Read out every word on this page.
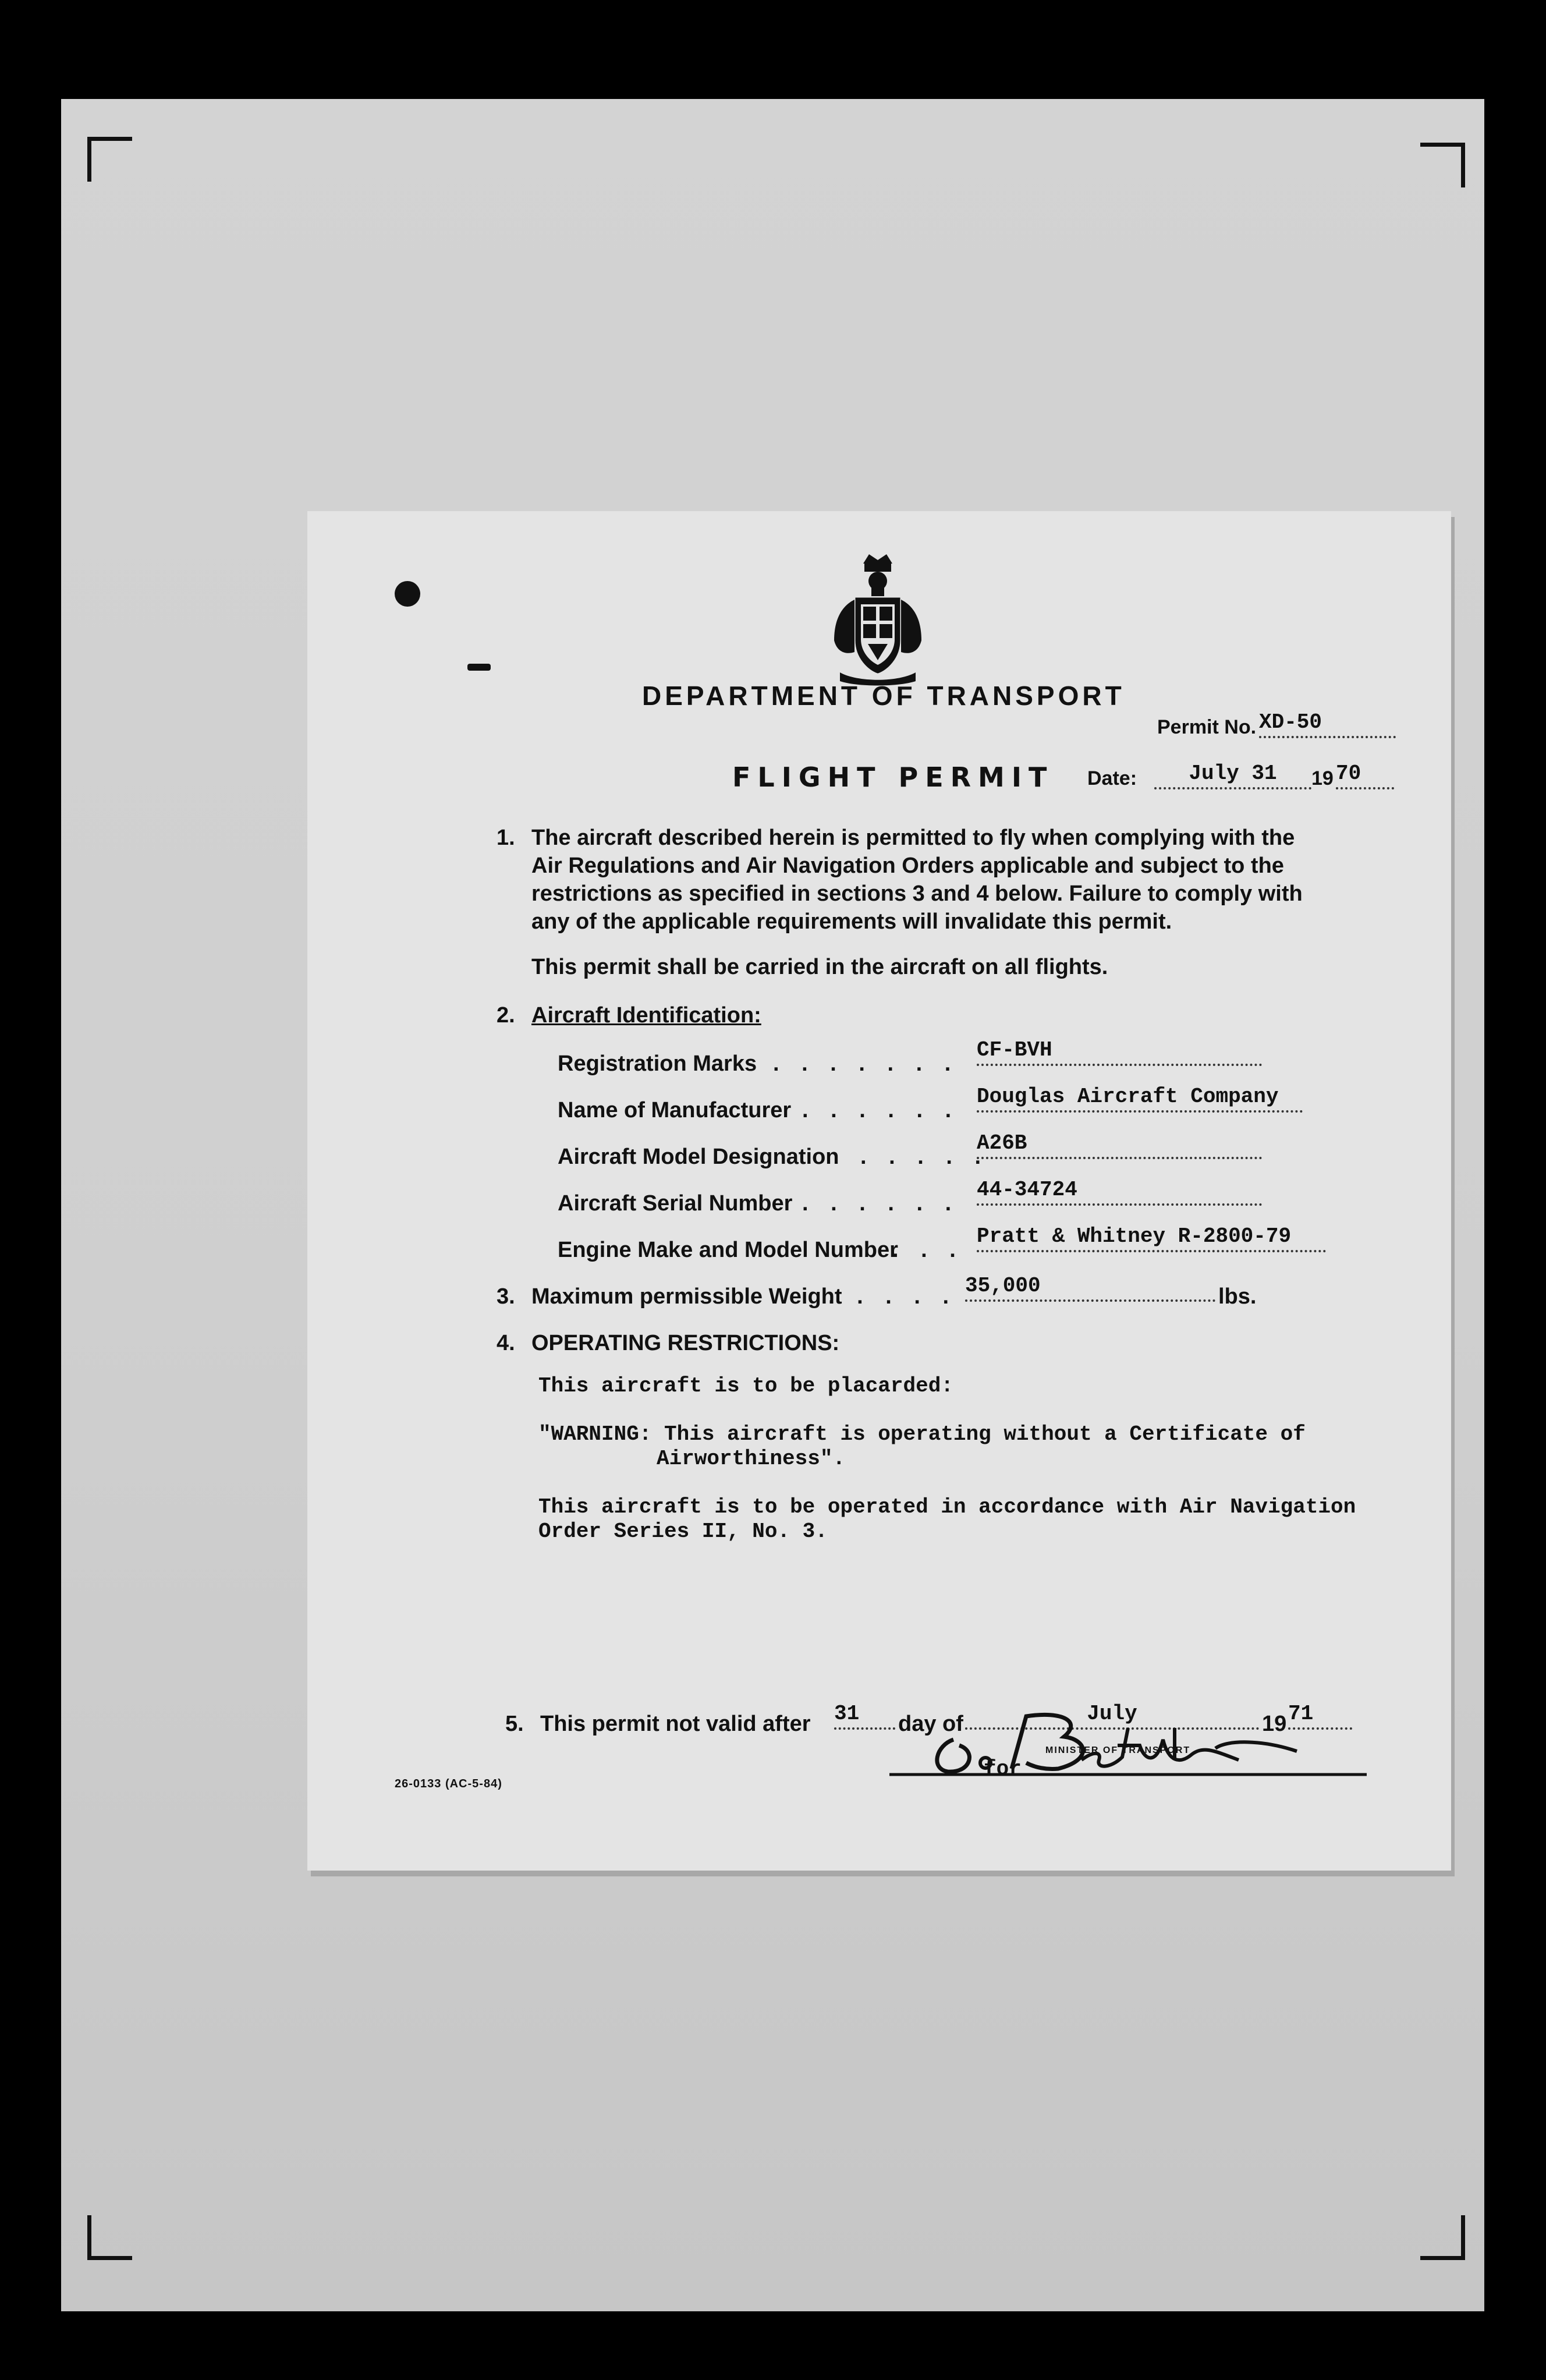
DEPARTMENT OF TRANSPORT
Permit No. XD-50
FLIGHT PERMIT Date:	July 31	19 70
1. The aircraft described herein is permitted to fly when complying with the
Air Regulations and Air Navigation Orders applicable and subject to the
restrictions as specified in sections 3 and 4 below. Failure to comply with
any of the applicable requirements will invalidate this permit.
This permit shall be carried in the aircraft on all flights.
2. Aircraft Identification:
Registration Marks . . . . . . .
CF-BVH
Name of Manufacturer . . . . . .
Douglas Aircraft Company
Aircraft Model Designation . . . . .
A26B
Aircraft Serial Number . . . . . .
44-34724
Engine Make and Model Number
. . .
Pratt & Whitney R-2800-79
3. Maximum permissible Weight
. . . . . 35,000	lbs.
4. OPERATING RESTRICTIONS:
This aircraft is to be placarded:
"WARNING: This aircraft is operating without a Certificate of
Airworthiness".
This aircraft is to be operated in accordance with Air Navigation
Order Series II, No. 3.
5. This permit not valid after 31	day of	July	19 71
MINISTER OF TRANSPORT
for
26-0133 (AC-5-84)
